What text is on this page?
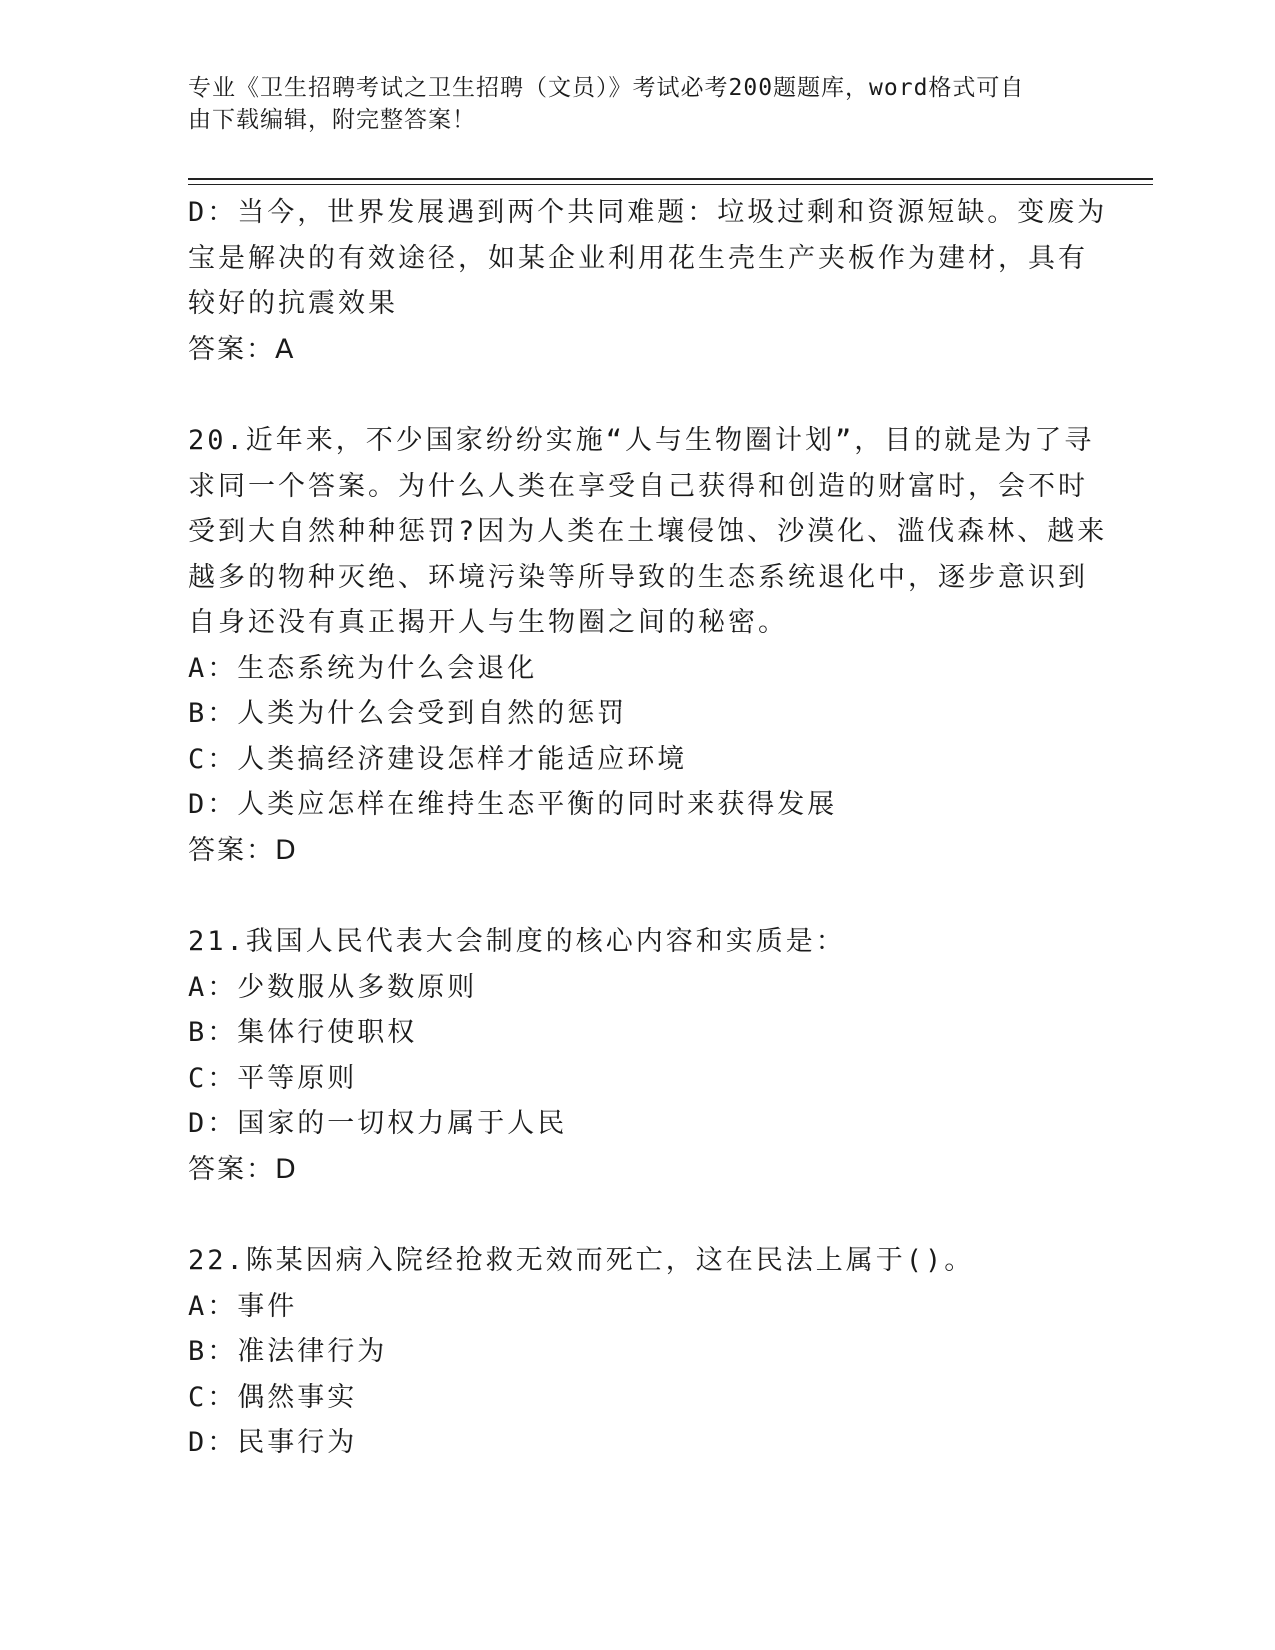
专业《卫生招聘考试之卫生招聘（文员）》考试必考200题题库，word格式可自
由下载编辑，附完整答案！
D：当今，世界发展遇到两个共同难题：垃圾过剩和资源短缺。变废为
宝是解决的有效途径，如某企业利用花生壳生产夹板作为建材，具有
较好的抗震效果
答案：A
20.近年来，不少国家纷纷实施“人与生物圈计划”，目的就是为了寻
求同一个答案。为什么人类在享受自己获得和创造的财富时，会不时
受到大自然种种惩罚?因为人类在土壤侵蚀、沙漠化、滥伐森林、越来
越多的物种灭绝、环境污染等所导致的生态系统退化中，逐步意识到
自身还没有真正揭开人与生物圈之间的秘密。
A：生态系统为什么会退化
B：人类为什么会受到自然的惩罚
C：人类搞经济建设怎样才能适应环境
D：人类应怎样在维持生态平衡的同时来获得发展
答案：D
21.我国人民代表大会制度的核心内容和实质是：
A：少数服从多数原则
B：集体行使职权
C：平等原则
D：国家的一切权力属于人民
答案：D
22.陈某因病入院经抢救无效而死亡，这在民法上属于()。
A：事件
B：准法律行为
C：偶然事实
D：民事行为
